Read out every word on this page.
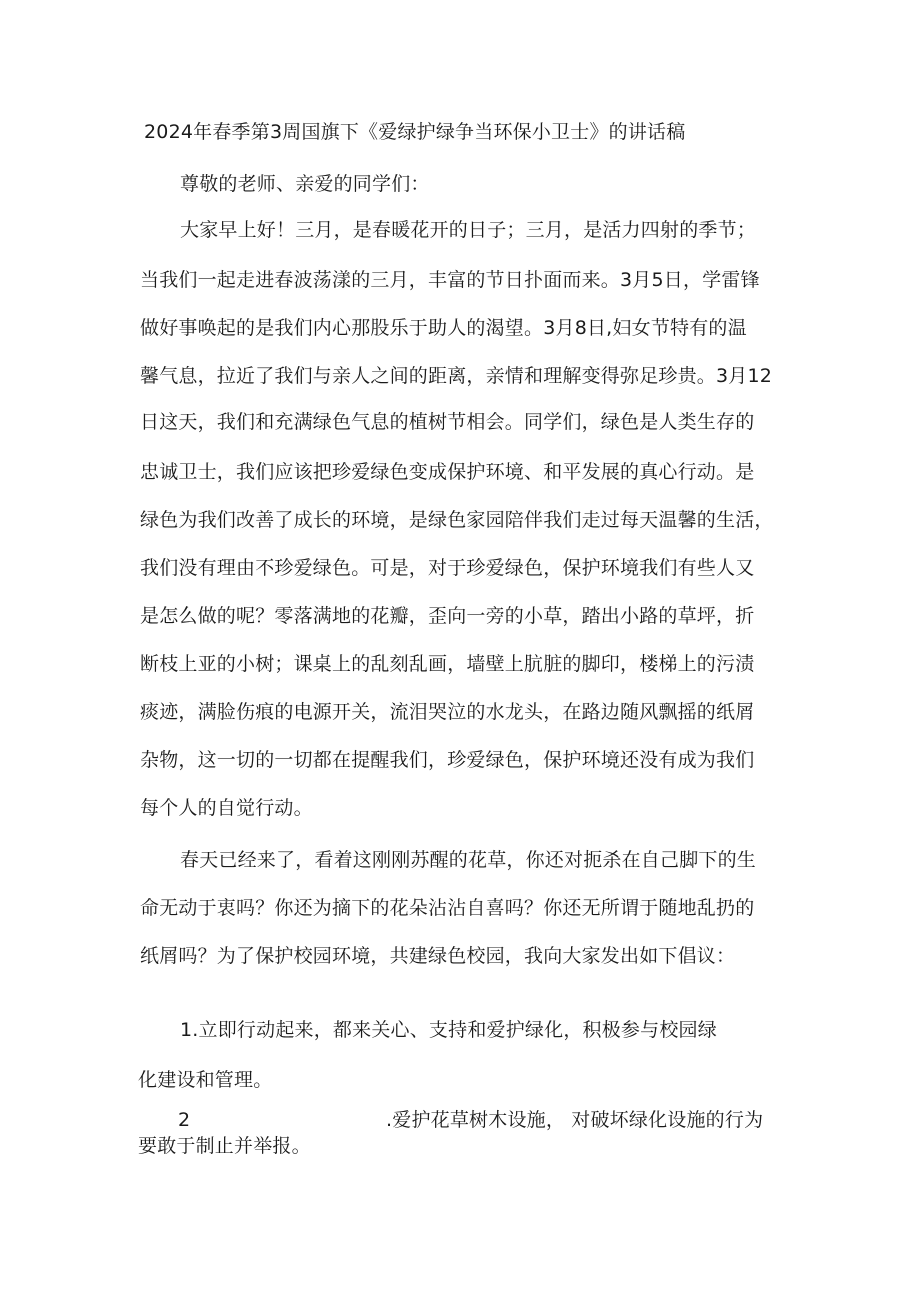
2024年春季第3周国旗下《爱绿护绿争当环保小卫士》的讲话稿
尊敬的老师、亲爱的同学们：
大家早上好！三月，是春暖花开的日子；三月，是活力四射的季节；
当我们一起走进春波荡漾的三月，丰富的节日扑面而来。3月5日，学雷锋
做好事唤起的是我们内心那股乐于助人的渴望。3月8日,妇女节特有的温
馨气息，拉近了我们与亲人之间的距离，亲情和理解变得弥足珍贵。3月12
日这天，我们和充满绿色气息的植树节相会。同学们，绿色是人类生存的
忠诚卫士，我们应该把珍爱绿色变成保护环境、和平发展的真心行动。是
绿色为我们改善了成长的环境，是绿色家园陪伴我们走过每天温馨的生活，
我们没有理由不珍爱绿色。可是，对于珍爱绿色，保护环境我们有些人又
是怎么做的呢？零落满地的花瓣，歪向一旁的小草，踏出小路的草坪，折
断枝上亚的小树；课桌上的乱刻乱画，墙壁上肮脏的脚印，楼梯上的污渍
痰迹，满脸伤痕的电源开关，流泪哭泣的水龙头，在路边随风飘摇的纸屑
杂物，这一切的一切都在提醒我们，珍爱绿色，保护环境还没有成为我们
每个人的自觉行动。
春天已经来了，看着这刚刚苏醒的花草，你还对扼杀在自己脚下的生
命无动于衷吗？你还为摘下的花朵沾沾自喜吗？你还无所谓于随地乱扔的
纸屑吗？为了保护校园环境，共建绿色校园，我向大家发出如下倡议：
1.立即行动起来，都来关心、支持和爱护绿化，积极参与校园绿
化建设和管理。
2	.爱护花草树木设施， 对破坏绿化设施的行为
要敢于制止并举报。
